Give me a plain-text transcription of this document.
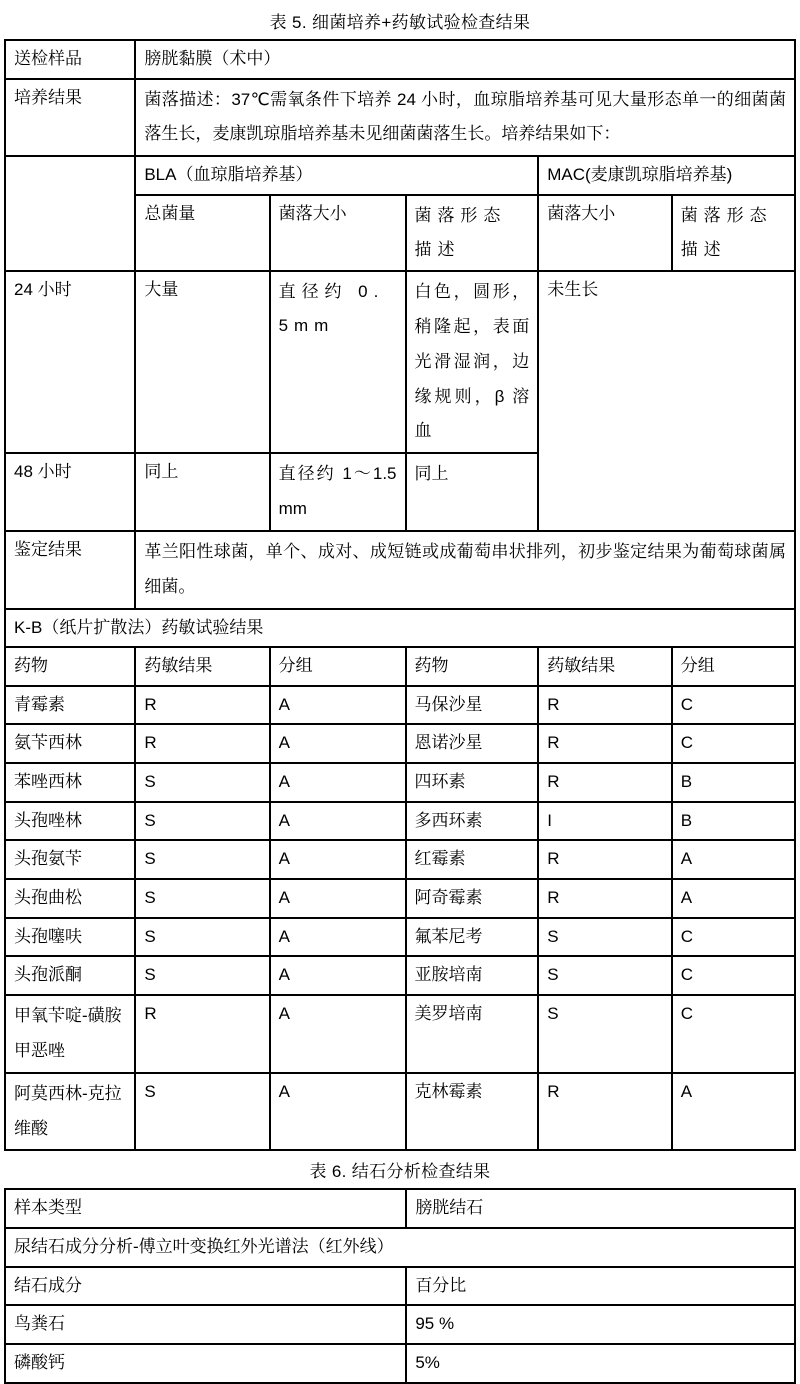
表 5. 细菌培养+药敏试验检查结果
送检样品	膀胱黏膜（术中）				
培养结果	菌落描述：37℃需氧条件下培养 24 小时，血琼脂培养基可见大量形态单一的细菌菌落生长，麦康凯琼脂培养基未见细菌菌落生长。培养结果如下：				
	BLA（血琼脂培养基）			MAC(麦康凯琼脂培养基)	
	总菌量	菌落大小	菌落形态描述	菌落大小	菌落形态描述
24 小时	大量	直径约 0.5mm	白色，圆形，稍隆起，表面光滑湿润，边缘规则，β 溶血	未生长	
48 小时	同上	直径约 1～1.5mm	同上		
鉴定结果	革兰阳性球菌，单个、成对、成短链或成葡萄串状排列，初步鉴定结果为葡萄球菌属细菌。				
K-B（纸片扩散法）药敏试验结果					
药物	药敏结果	分组	药物	药敏结果	分组
青霉素	R	A	马保沙星	R	C
氨苄西林	R	A	恩诺沙星	R	C
苯唑西林	S	A	四环素	R	B
头孢唑林	S	A	多西环素	I	B
头孢氨苄	S	A	红霉素	R	A
头孢曲松	S	A	阿奇霉素	R	A
头孢噻呋	S	A	氟苯尼考	S	C
头孢派酮	S	A	亚胺培南	S	C
甲氧苄啶-磺胺甲恶唑	R	A	美罗培南	S	C
阿莫西林-克拉维酸	S	A	克林霉素	R	A
表 6. 结石分析检查结果
样本类型	膀胱结石
尿结石成分分析-傅立叶变换红外光谱法（红外线）	
结石成分	百分比
鸟粪石	95 %
磷酸钙	5%
